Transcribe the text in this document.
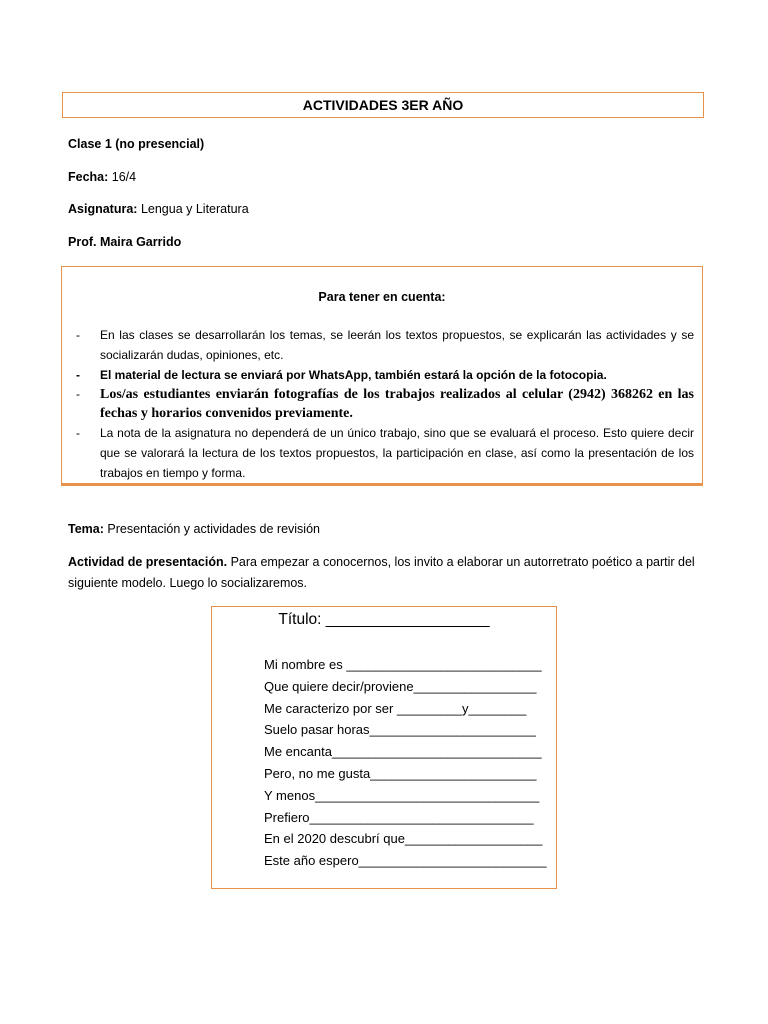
ACTIVIDADES 3ER AÑO
Clase 1 (no presencial)
Fecha: 16/4
Asignatura: Lengua y Literatura
Prof. Maira Garrido
Para tener en cuenta:
- En las clases se desarrollarán los temas, se leerán los textos propuestos, se explicarán las actividades y se socializarán dudas, opiniones, etc.
- El material de lectura se enviará por WhatsApp, también estará la opción de la fotocopia.
- Los/as estudiantes enviarán fotografías de los trabajos realizados al celular (2942) 368262 en las fechas y horarios convenidos previamente.
- La nota de la asignatura no dependerá de un único trabajo, sino que se evaluará el proceso. Esto quiere decir que se valorará la lectura de los textos propuestos, la participación en clase, así como la presentación de los trabajos en tiempo y forma.
Tema: Presentación y actividades de revisión
Actividad de presentación. Para empezar a conocernos, los invito a elaborar un autorretrato poético a partir del siguiente modelo. Luego lo socializaremos.
Título: ___________________
Mi nombre es ___________________________
Que quiere decir/proviene_________________
Me caracterizo por ser _________y________
Suelo pasar horas_______________________
Me encanta_____________________________
Pero, no me gusta_______________________
Y menos_______________________________
Prefiero_______________________________
En el 2020 descubrí que___________________
Este año espero__________________________
